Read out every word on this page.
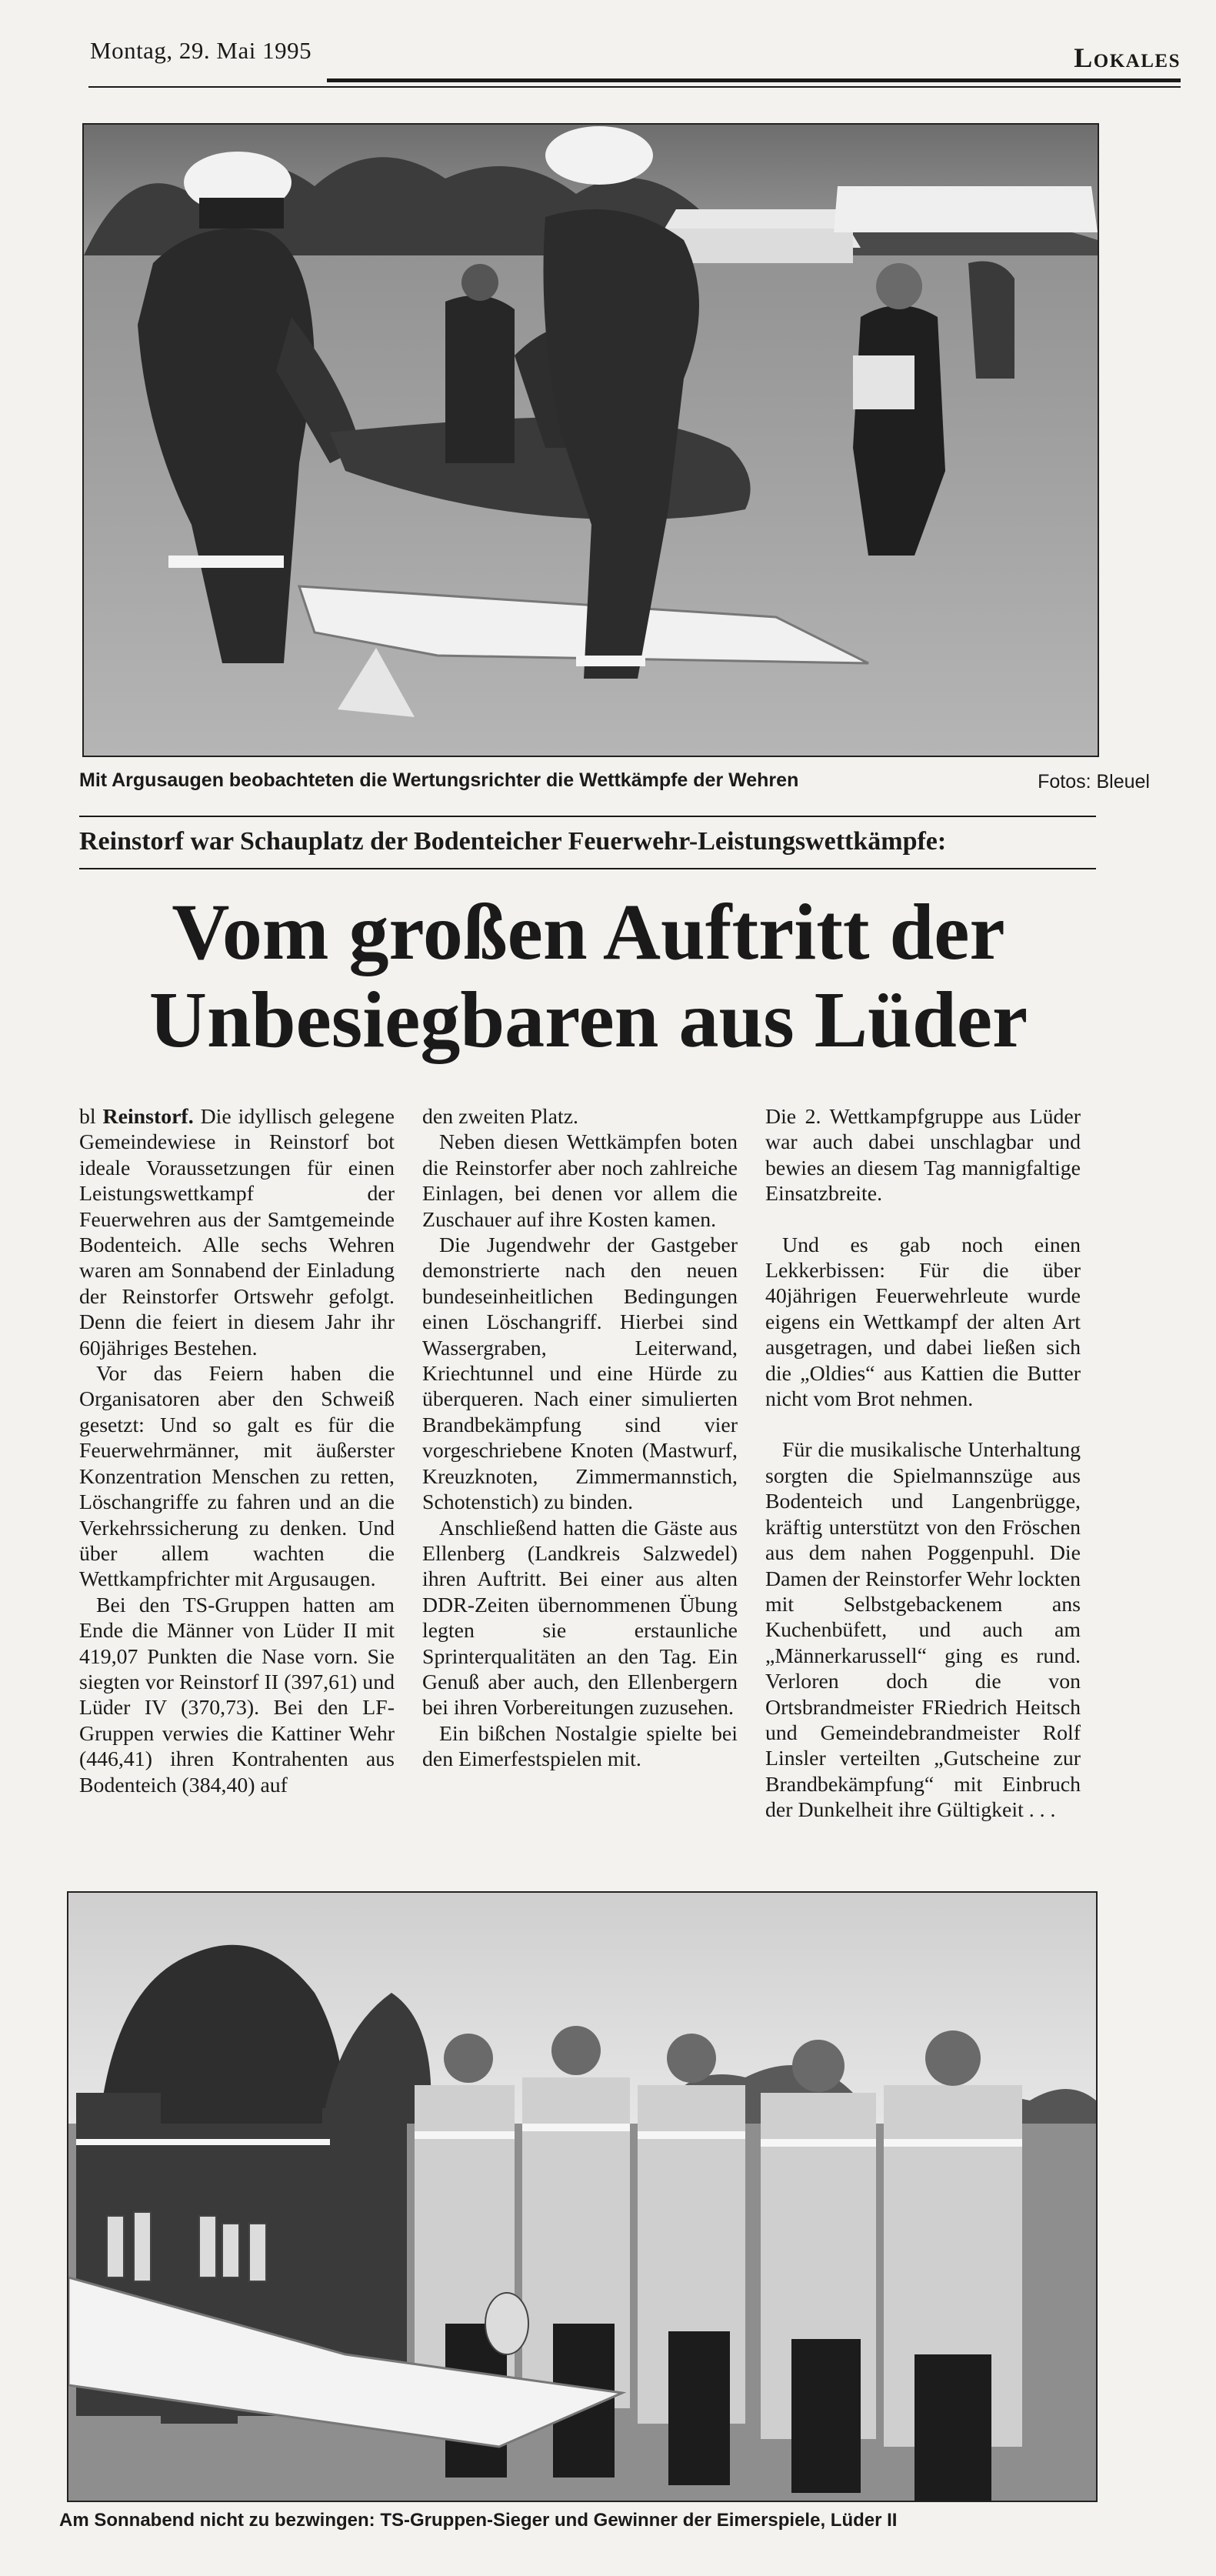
Montag, 29. Mai 1995	Lokales
Mit Argusaugen beobachteten die Wertungsrichter die Wettkämpfe der Wehren	Fotos: Bleuel
Reinstorf war Schauplatz der Bodenteicher Feuerwehr-Leistungswettkämpfe:
Vom großen Auftritt der
Unbesiegbaren aus Lüder

bl Reinstorf. Die idyllisch gelegene Gemeindewiese in Reinstorf bot ideale Voraussetzungen für einen Leistungswettkampf der Feuerwehren aus der Samtgemeinde Bodenteich. Alle sechs Wehren waren am Sonnabend der Einladung der Reinstorfer Ortswehr gefolgt. Denn die feiert in diesem Jahr ihr 60jähriges Bestehen.

Vor das Feiern haben die Organisatoren aber den Schweiß gesetzt: Und so galt es für die Feuerwehrmänner, mit äußerster Konzentration Menschen zu retten, Löschangriffe zu fahren und an die Verkehrssicherung zu denken. Und über allem wachten die Wettkampfrichter mit Argusaugen.

Bei den TS-Gruppen hatten am Ende die Männer von Lüder II mit 419,07 Punkten die Nase vorn. Sie siegten vor Reinstorf II (397,61) und Lüder IV (370,73). Bei den LF-Gruppen verwies die Kattiner Wehr (446,41) ihren Kontrahenten aus Bodenteich (384,40) auf

den zweiten Platz.

Neben diesen Wettkämpfen boten die Reinstorfer aber noch zahlreiche Einlagen, bei denen vor allem die Zuschauer auf ihre Kosten kamen.

Die Jugendwehr der Gastgeber demonstrierte nach den neuen bundeseinheitlichen Bedingungen einen Löschangriff. Hierbei sind Wassergraben, Leiterwand, Kriechtunnel und eine Hürde zu überqueren. Nach einer simulierten Brandbekämpfung sind vier vorgeschriebene Knoten (Mastwurf, Kreuzknoten, Zimmermannstich, Schotenstich) zu binden.

Anschließend hatten die Gäste aus Ellenberg (Landkreis Salzwedel) ihren Auftritt. Bei einer aus alten DDR-Zeiten übernommenen Übung legten sie erstaunliche Sprinterqualitäten an den Tag. Ein Genuß aber auch, den Ellenbergern bei ihren Vorbereitungen zuzusehen.

Ein bißchen Nostalgie spielte bei den Eimerfestspielen mit.

Die 2. Wettkampfgruppe aus Lüder war auch dabei unschlagbar und bewies an diesem Tag mannigfaltige Einsatzbreite.

Und es gab noch einen Lekkerbissen: Für die über 40jährigen Feuerwehrleute wurde eigens ein Wettkampf der alten Art ausgetragen, und dabei ließen sich die „Oldies“ aus Kattien die Butter nicht vom Brot nehmen.

Für die musikalische Unterhaltung sorgten die Spielmannszüge aus Bodenteich und Langenbrügge, kräftig unterstützt von den Fröschen aus dem nahen Poggenpuhl. Die Damen der Reinstorfer Wehr lockten mit Selbstgebackenem ans Kuchenbüfett, und auch am „Männerkarussell“ ging es rund. Verloren doch die von Ortsbrandmeister FRiedrich Heitsch und Gemeindebrandmeister Rolf Linsler verteilten „Gutscheine zur Brandbekämpfung“ mit Einbruch der Dunkelheit ihre Gültigkeit . . .

Am Sonnabend nicht zu bezwingen: TS-Gruppen-Sieger und Gewinner der Eimerspiele, Lüder II
